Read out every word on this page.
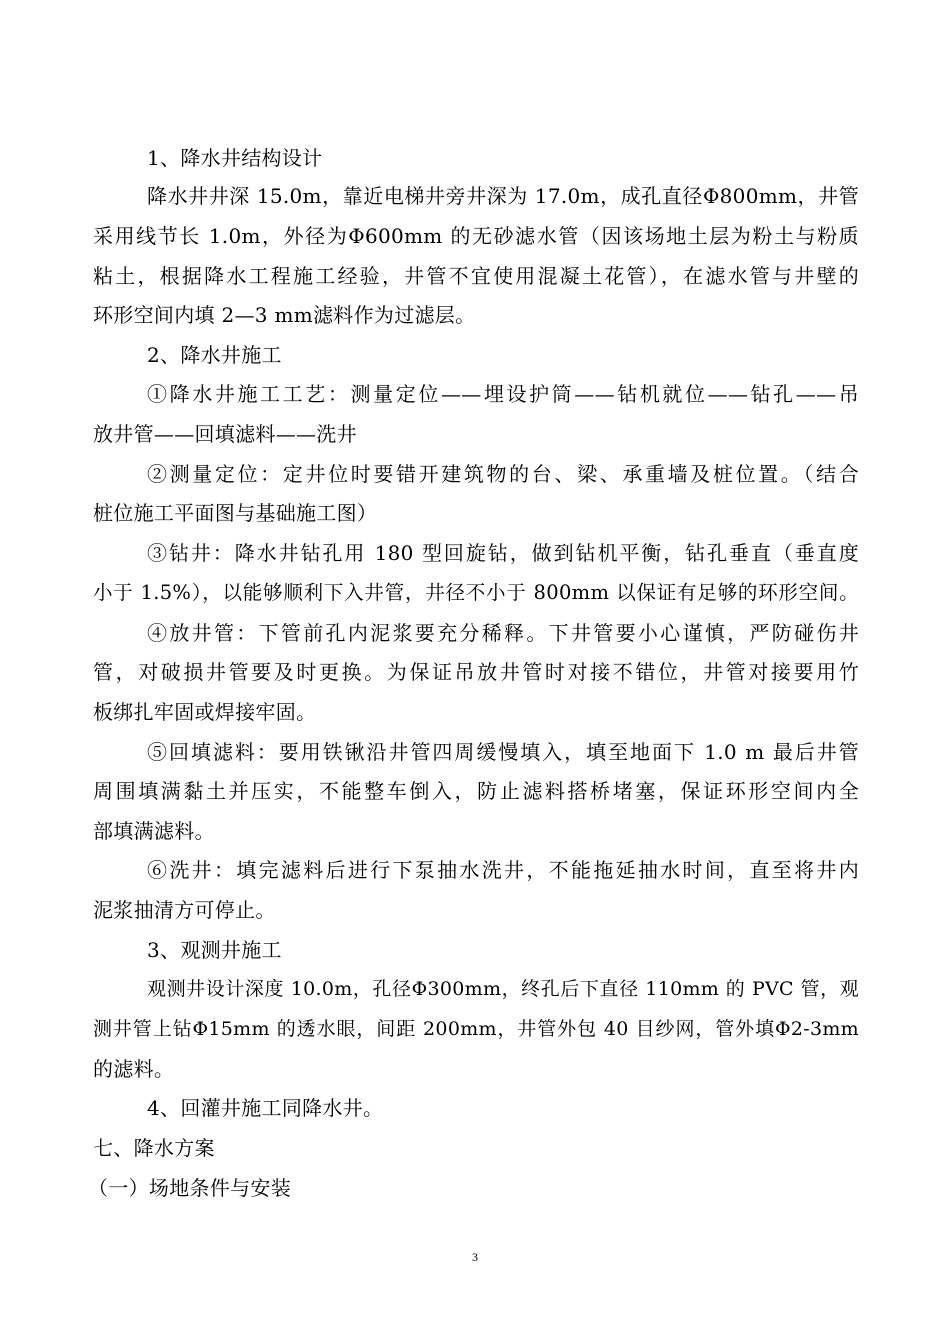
1、降水井结构设计
降水井井深 15.0m，靠近电梯井旁井深为 17.0m，成孔直径Φ800mm，井管
采用线节长 1.0m，外径为Φ600mm 的无砂滤水管（因该场地土层为粉土与粉质
粘土，根据降水工程施工经验，井管不宜使用混凝土花管），在滤水管与井壁的
环形空间内填 2—3 mm滤料作为过滤层。
2、降水井施工
①降水井施工工艺：测量定位——埋设护筒——钻机就位——钻孔——吊
放井管——回填滤料——洗井
②测量定位：定井位时要错开建筑物的台、梁、承重墙及桩位置。（结合
桩位施工平面图与基础施工图）
③钻井：降水井钻孔用 180 型回旋钻，做到钻机平衡，钻孔垂直（垂直度
小于 1.5%），以能够顺利下入井管，井径不小于 800mm 以保证有足够的环形空间。
④放井管：下管前孔内泥浆要充分稀释。下井管要小心谨慎，严防碰伤井
管，对破损井管要及时更换。为保证吊放井管时对接不错位，井管对接要用竹
板绑扎牢固或焊接牢固。
⑤回填滤料：要用铁锹沿井管四周缓慢填入，填至地面下 1.0 m 最后井管
周围填满黏土并压实，不能整车倒入，防止滤料搭桥堵塞，保证环形空间内全
部填满滤料。
⑥洗井：填完滤料后进行下泵抽水洗井，不能拖延抽水时间，直至将井内
泥浆抽清方可停止。
3、观测井施工
观测井设计深度 10.0m，孔径Φ300mm，终孔后下直径 110mm 的 PVC 管，观
测井管上钻Φ15mm 的透水眼，间距 200mm，井管外包 40 目纱网，管外填Φ2-3mm
的滤料。
4、回灌井施工同降水井。
七、降水方案
（一）场地条件与安装
3
